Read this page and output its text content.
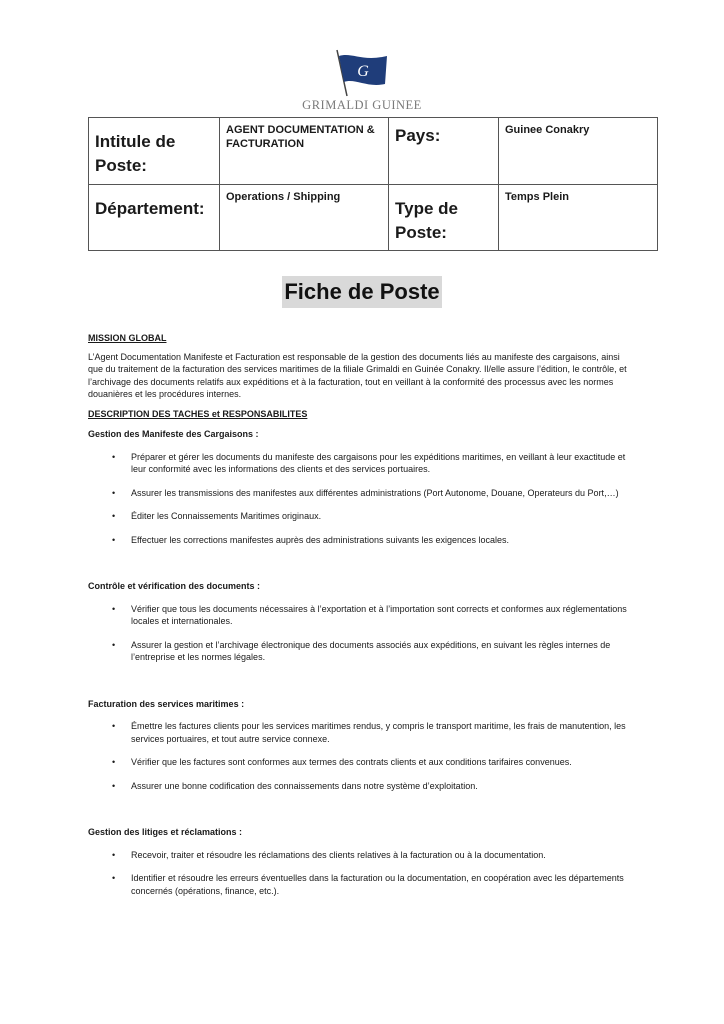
G
GRIMALDI GUINEE
Intitule de Poste:	AGENT DOCUMENTATION & FACTURATION	Pays:	Guinee Conakry
Département:	Operations / Shipping	Type de Poste:	Temps Plein
Fiche de Poste
MISSION GLOBAL

L’Agent Documentation Manifeste et Facturation est responsable de la gestion des documents liés au manifeste des cargaisons, ainsi que du traitement de la facturation des services maritimes de la filiale Grimaldi en Guinée Conakry. Il/elle assure l’édition, le contrôle, et l’archivage des documents relatifs aux expéditions et à la facturation, tout en veillant à la conformité des processus avec les normes douanières et les procédures internes.

DESCRIPTION DES TACHES et RESPONSABILITES
Gestion des Manifeste des Cargaisons :
• Préparer et gérer les documents du manifeste des cargaisons pour les expéditions maritimes, en veillant à leur exactitude et leur conformité avec les informations des clients et des services portuaires.
• Assurer les transmissions des manifestes aux différentes administrations (Port Autonome, Douane, Operateurs du Port,…)
• Éditer les Connaissements Maritimes originaux.
• Effectuer les corrections manifestes auprès des administrations suivants les exigences locales.
Contrôle et vérification des documents :
• Vérifier que tous les documents nécessaires à l’exportation et à l’importation sont corrects et conformes aux réglementations locales et internationales.
• Assurer la gestion et l’archivage électronique des documents associés aux expéditions, en suivant les règles internes de l’entreprise et les normes légales.
Facturation des services maritimes :
• Émettre les factures clients pour les services maritimes rendus, y compris le transport maritime, les frais de manutention, les services portuaires, et tout autre service connexe.
• Vérifier que les factures sont conformes aux termes des contrats clients et aux conditions tarifaires convenues.
• Assurer une bonne codification des connaissements dans notre système d’exploitation.
Gestion des litiges et réclamations :
• Recevoir, traiter et résoudre les réclamations des clients relatives à la facturation ou à la documentation.
• Identifier et résoudre les erreurs éventuelles dans la facturation ou la documentation, en coopération avec les départements concernés (opérations, finance, etc.).
